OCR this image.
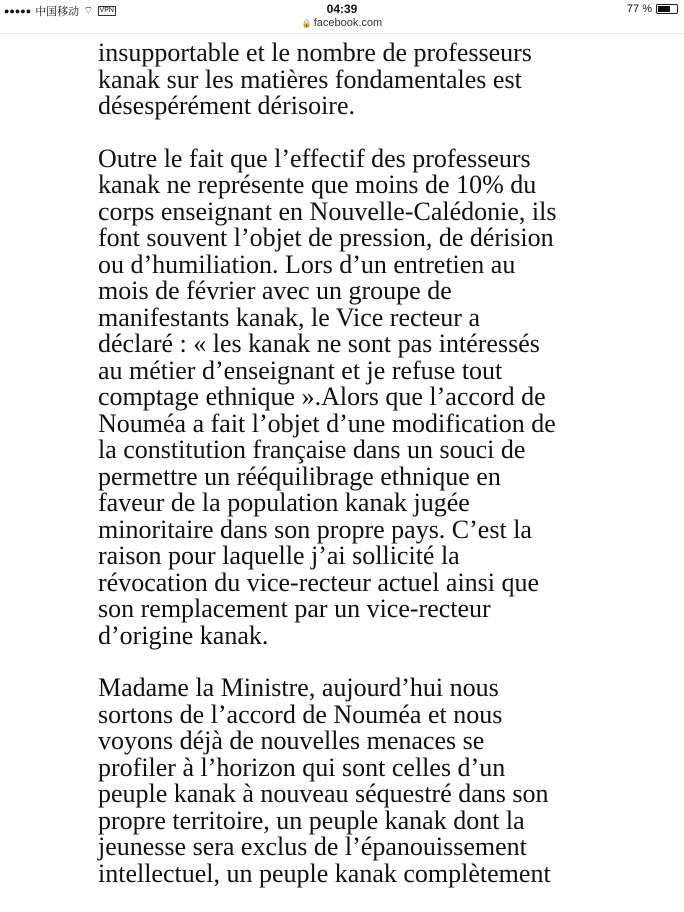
●●●●● 中国移动 ⌔ VPN	04:39	77 %
🔒 facebook.com
insupportable et le nombre de professeurs
kanak sur les matières fondamentales est
désespérément dérisoire.
Outre le fait que l’effectif des professeurs
kanak ne représente que moins de 10% du
corps enseignant en Nouvelle-Calédonie, ils
font souvent l’objet de pression, de dérision
ou d’humiliation. Lors d’un entretien au
mois de février avec un groupe de
manifestants kanak, le Vice recteur a
déclaré : « les kanak ne sont pas intéressés
au métier d’enseignant et je refuse tout
comptage ethnique ».Alors que l’accord de
Nouméa a fait l’objet d’une modification de
la constitution française dans un souci de
permettre un rééquilibrage ethnique en
faveur de la population kanak jugée
minoritaire dans son propre pays. C’est la
raison pour laquelle j’ai sollicité la
révocation du vice-recteur actuel ainsi que
son remplacement par un vice-recteur
d’origine kanak.
Madame la Ministre, aujourd’hui nous
sortons de l’accord de Nouméa et nous
voyons déjà de nouvelles menaces se
profiler à l’horizon qui sont celles d’un
peuple kanak à nouveau séquestré dans son
propre territoire, un peuple kanak dont la
jeunesse sera exclus de l’épanouissement
intellectuel, un peuple kanak complètement
